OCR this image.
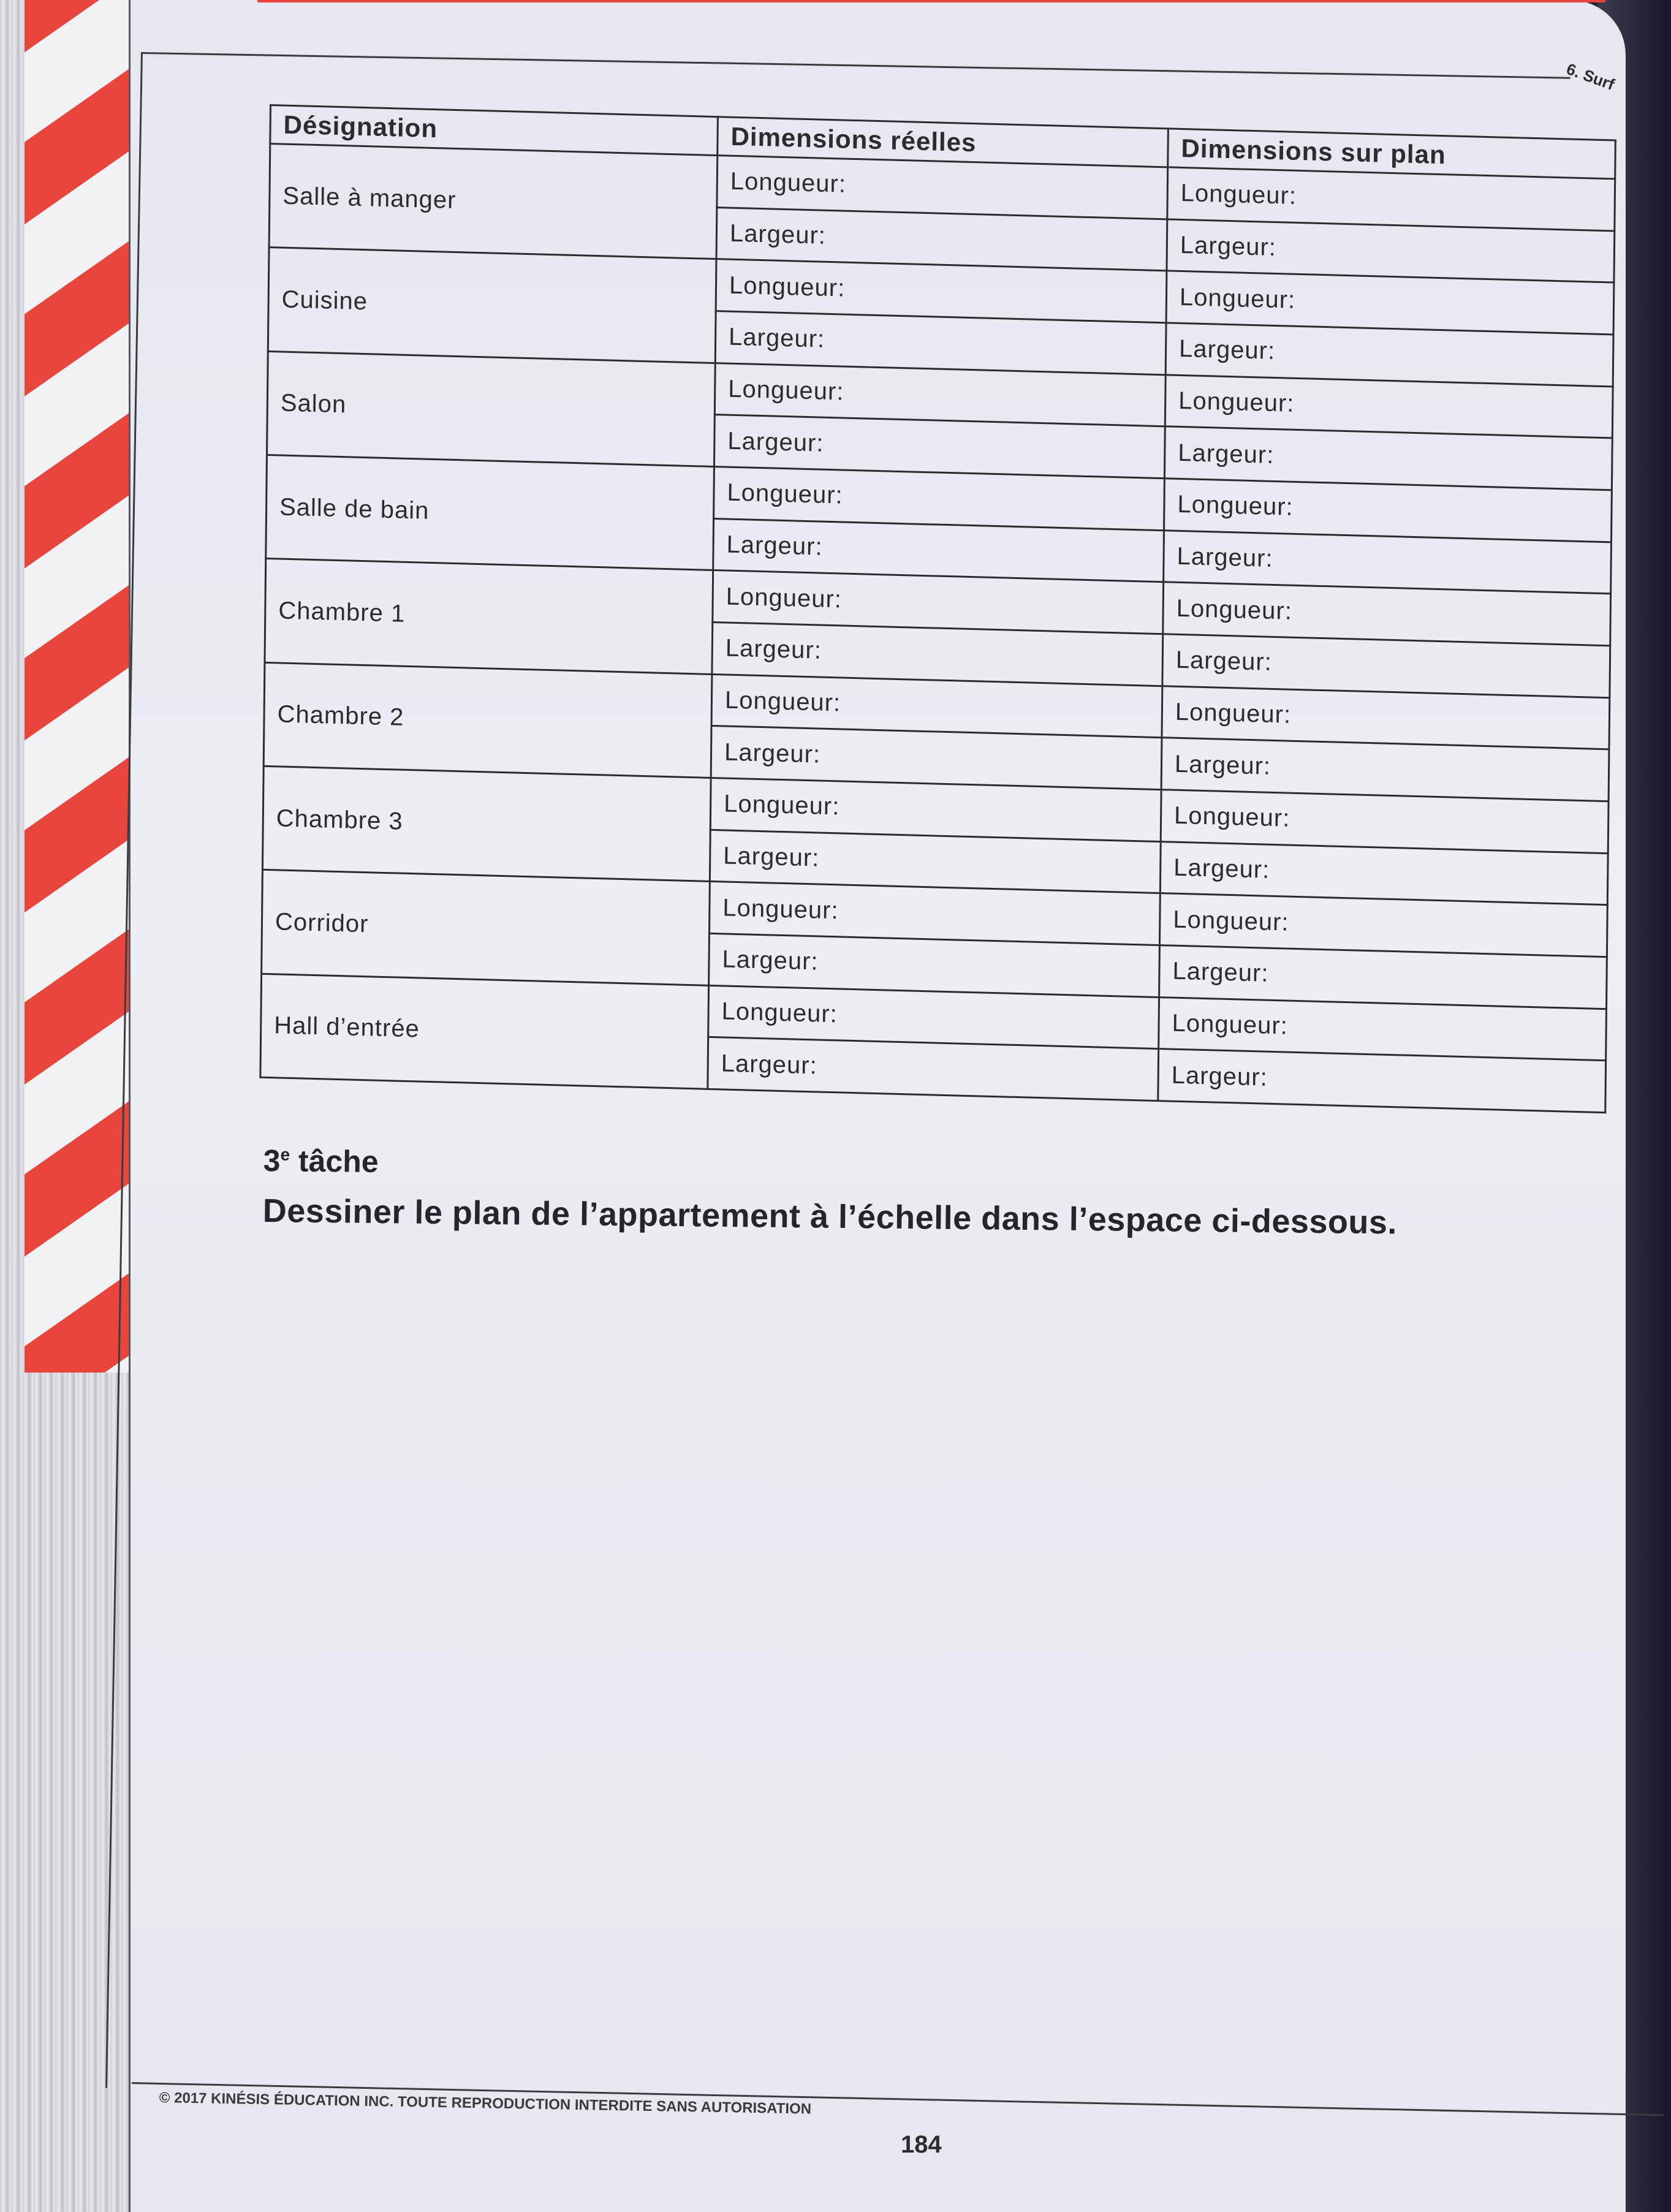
6. Surf
Désignation	Dimensions réelles	Dimensions sur plan
Salle à manger	Longueur:	Longueur:
	Largeur:	Largeur:
Cuisine	Longueur:	Longueur:
	Largeur:	Largeur:
Salon	Longueur:	Longueur:
	Largeur:	Largeur:
Salle de bain	Longueur:	Longueur:
	Largeur:	Largeur:
Chambre 1	Longueur:	Longueur:
	Largeur:	Largeur:
Chambre 2	Longueur:	Longueur:
	Largeur:	Largeur:
Chambre 3	Longueur:	Longueur:
	Largeur:	Largeur:
Corridor	Longueur:	Longueur:
	Largeur:	Largeur:
Hall d’entrée	Longueur:	Longueur:
	Largeur:	Largeur:
3e tâche
Dessiner le plan de l’appartement à l’échelle dans l’espace ci-dessous.
© 2017 KINÉSIS ÉDUCATION INC. TOUTE REPRODUCTION INTERDITE SANS AUTORISATION
184
